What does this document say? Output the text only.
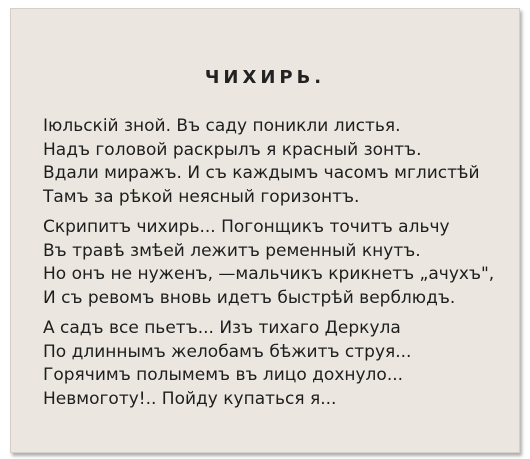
ЧИХИРЬ.
Іюльскій зной. Въ саду поникли листья.
Надъ головой раскрылъ я красный зонтъ.
Вдали миражъ. И съ каждымъ часомъ мглистѣй
Тамъ за рѣкой неясный горизонтъ.
Скрипитъ чихирь... Погонщикъ точитъ альчу
Въ травѣ змѣей лежитъ ременный кнутъ.
Но онъ не нуженъ, —мальчикъ крикнетъ „ачухъ",
И съ ревомъ вновь идетъ быстрѣй верблюдъ.
А садъ все пьетъ... Изъ тихаго Деркула
По длиннымъ желобамъ бѣжитъ струя...
Горячимъ полымемъ въ лицо дохнуло...
Невмоготу!.. Пойду купаться я...
